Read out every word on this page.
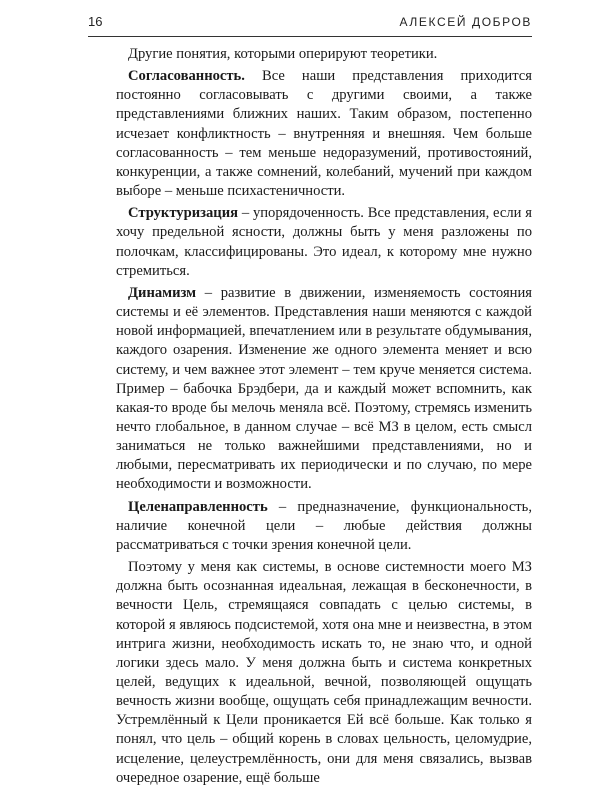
16	АЛЕКСЕЙ ДОБРОВ

Другие понятия, которыми оперируют теоретики.

Согласованность. Все наши представления приходится постоянно согласовывать с другими своими, а также представлениями ближних наших. Таким образом, постепенно исчезает конфликтность – внутренняя и внешняя. Чем больше согласованность – тем меньше недоразумений, противостояний, конкуренции, а также сомнений, колебаний, мучений при каждом выборе – меньше психастеничности.

Структуризация – упорядоченность. Все представления, если я хочу предельной ясности, должны быть у меня разложены по полочкам, классифицированы. Это идеал, к которому мне нужно стремиться.

Динамизм – развитие в движении, изменяемость состояния системы и её элементов. Представления наши меняются с каждой новой информацией, впечатлением или в результате обдумывания, каждого озарения. Изменение же одного элемента меняет и всю систему, и чем важнее этот элемент – тем круче меняется система. Пример – бабочка Брэдбери, да и каждый может вспомнить, как какая-то вроде бы мелочь меняла всё. Поэтому, стремясь изменить нечто глобальное, в данном случае – всё МЗ в целом, есть смысл заниматься не только важнейшими представлениями, но и любыми, пересматривать их периодически и по случаю, по мере необходимости и возможности.

Целенаправленность – предназначение, функциональность, наличие конечной цели – любые действия должны рассматриваться с точки зрения конечной цели.

Поэтому у меня как системы, в основе системности моего МЗ должна быть осознанная идеальная, лежащая в бесконечности, в вечности Цель, стремящаяся совпадать с целью системы, в которой я являюсь подсистемой, хотя она мне и неизвестна, в этом интрига жизни, необходимость искать то, не знаю что, и одной логики здесь мало. У меня должна быть и система конкретных целей, ведущих к идеальной, вечной, позволяющей ощущать вечность жизни вообще, ощущать себя принадлежащим вечности. Устремлённый к Цели проникается Ей всё больше. Как только я понял, что цель – общий корень в словах цельность, целомудрие, исцеление, целеустремлённость, они для меня связались, вызвав очередное озарение, ещё больше
